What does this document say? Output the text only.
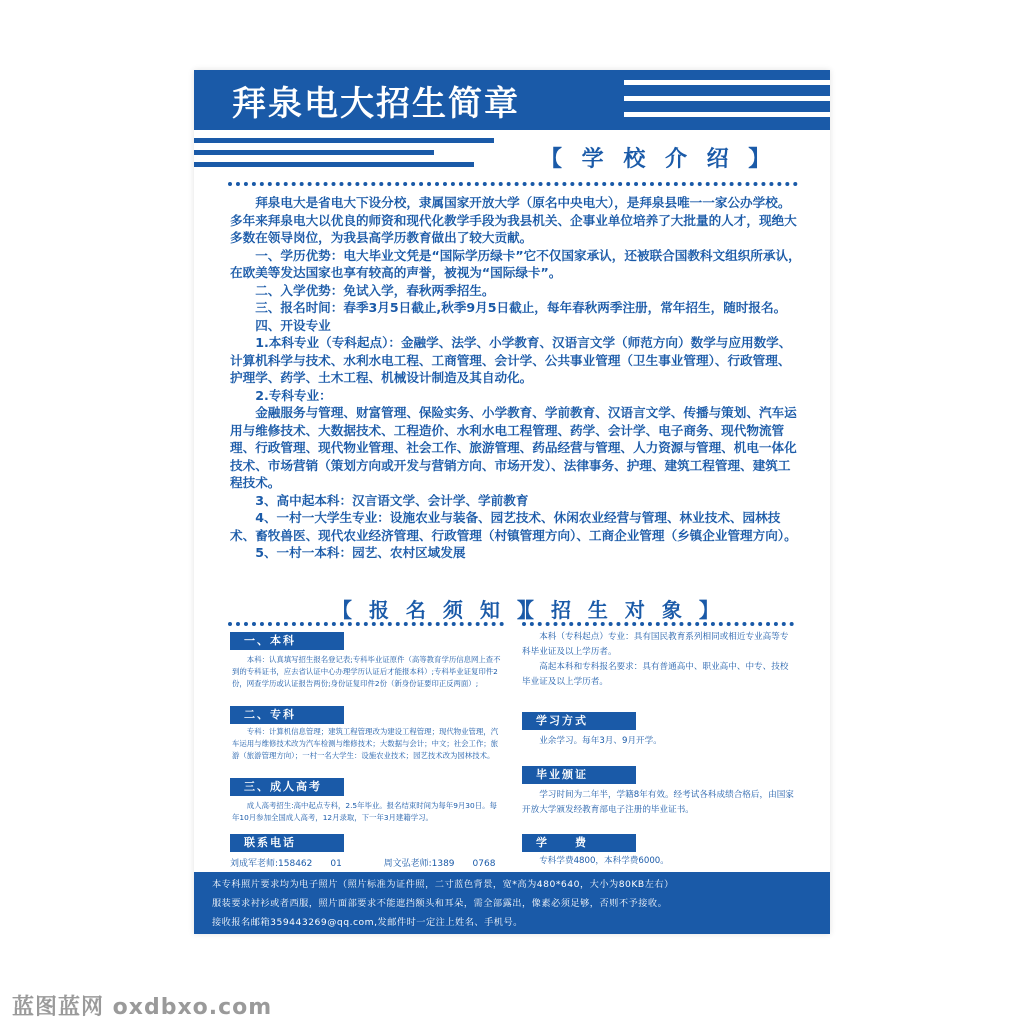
拜泉电大招生简章
【 学 校 介 绍 】

拜泉电大是省电大下设分校，隶属国家开放大学（原名中央电大），是拜泉县唯一一家公办学校。多年来拜泉电大以优良的师资和现代化教学手段为我县机关、企事业单位培养了大批量的人才，现绝大多数在领导岗位，为我县高学历教育做出了较大贡献。

一、学历优势：电大毕业文凭是“国际学历绿卡”它不仅国家承认，还被联合国教科文组织所承认，在欧美等发达国家也享有较高的声誉，被视为“国际绿卡”。

二、入学优势：免试入学，春秋两季招生。

三、报名时间：春季3月5日截止,秋季9月5日截止，每年春秋两季注册，常年招生，随时报名。

四、开设专业

1.本科专业（专科起点）：金融学、法学、小学教育、汉语言文学（师范方向）数学与应用数学、计算机科学与技术、水利水电工程、工商管理、会计学、公共事业管理（卫生事业管理）、行政管理、护理学、药学、土木工程、机械设计制造及其自动化。

2.专科专业：

金融服务与管理、财富管理、保险实务、小学教育、学前教育、汉语言文学、传播与策划、汽车运用与维修技术、大数据技术、工程造价、水利水电工程管理、药学、会计学、电子商务、现代物流管理、行政管理、现代物业管理、社会工作、旅游管理、药品经营与管理、人力资源与管理、机电一体化技术、市场营销（策划方向或开发与营销方向、市场开发）、法律事务、护理、建筑工程管理、建筑工程技术。

3、高中起本科：汉言语文学、会计学、学前教育

4、一村一大学生专业：设施农业与装备、园艺技术、休闲农业经营与管理、林业技术、园林技术、畜牧兽医、现代农业经济管理、行政管理（村镇管理方向）、工商企业管理（乡镇企业管理方向）。

5、一村一本科：园艺、农村区域发展

【 报 名 须 知 】
【 招 生 对 象 】
一、本科

本科：认真填写招生报名登记表;专科毕业证原件（高等教育学历信息网上查不到的专科证书，应去省认证中心办理学历认证后才能报本科）;专科毕业证复印件2份，网查学历或认证报告两份;身份证复印件2份（新身份证要印正反两面）;

二、专科

专科：计算机信息管理；建筑工程管理改为建设工程管理；现代物业管理，汽车运用与维修技术改为汽车检测与维修技术；大数据与会计；中文；社会工作；旅游（旅游管理方向）；一村一名大学生：设施农业技术；园艺技术改为园林技术。

三、成人高考

成人高考招生:高中起点专科，2.5年毕业。报名结束时间为每年9月30日。每年10月参加全国成人高考，12月录取，下一年3月建籍学习。

联系电话
刘成军老师:158462　　01	周文弘老师:1389　　0768

本科（专科起点）专业：具有国民教育系列相同或相近专业高等专科毕业证及以上学历者。

高起本科和专科报名要求：具有普通高中、职业高中、中专、技校毕业证及以上学历者。

学习方式

业余学习。每年3月、9月开学。

毕业颁证

学习时间为二年半，学籍8年有效。经考试各科成绩合格后，由国家开放大学颁发经教育部电子注册的毕业证书。

学　　费

专科学费4800，本科学费6000。

本专科照片要求均为电子照片（照片标准为证件照，二寸蓝色背景，宽*高为480*640，大小为80KB左右）

服装要求衬衫或者西服，照片面部要求不能遮挡额头和耳朵，需全部露出，像素必须足够，否则不予接收。

接收报名邮箱359443269@qq.com,发邮件时一定注上姓名、手机号。

蓝图蓝网 oxdbxo.com
